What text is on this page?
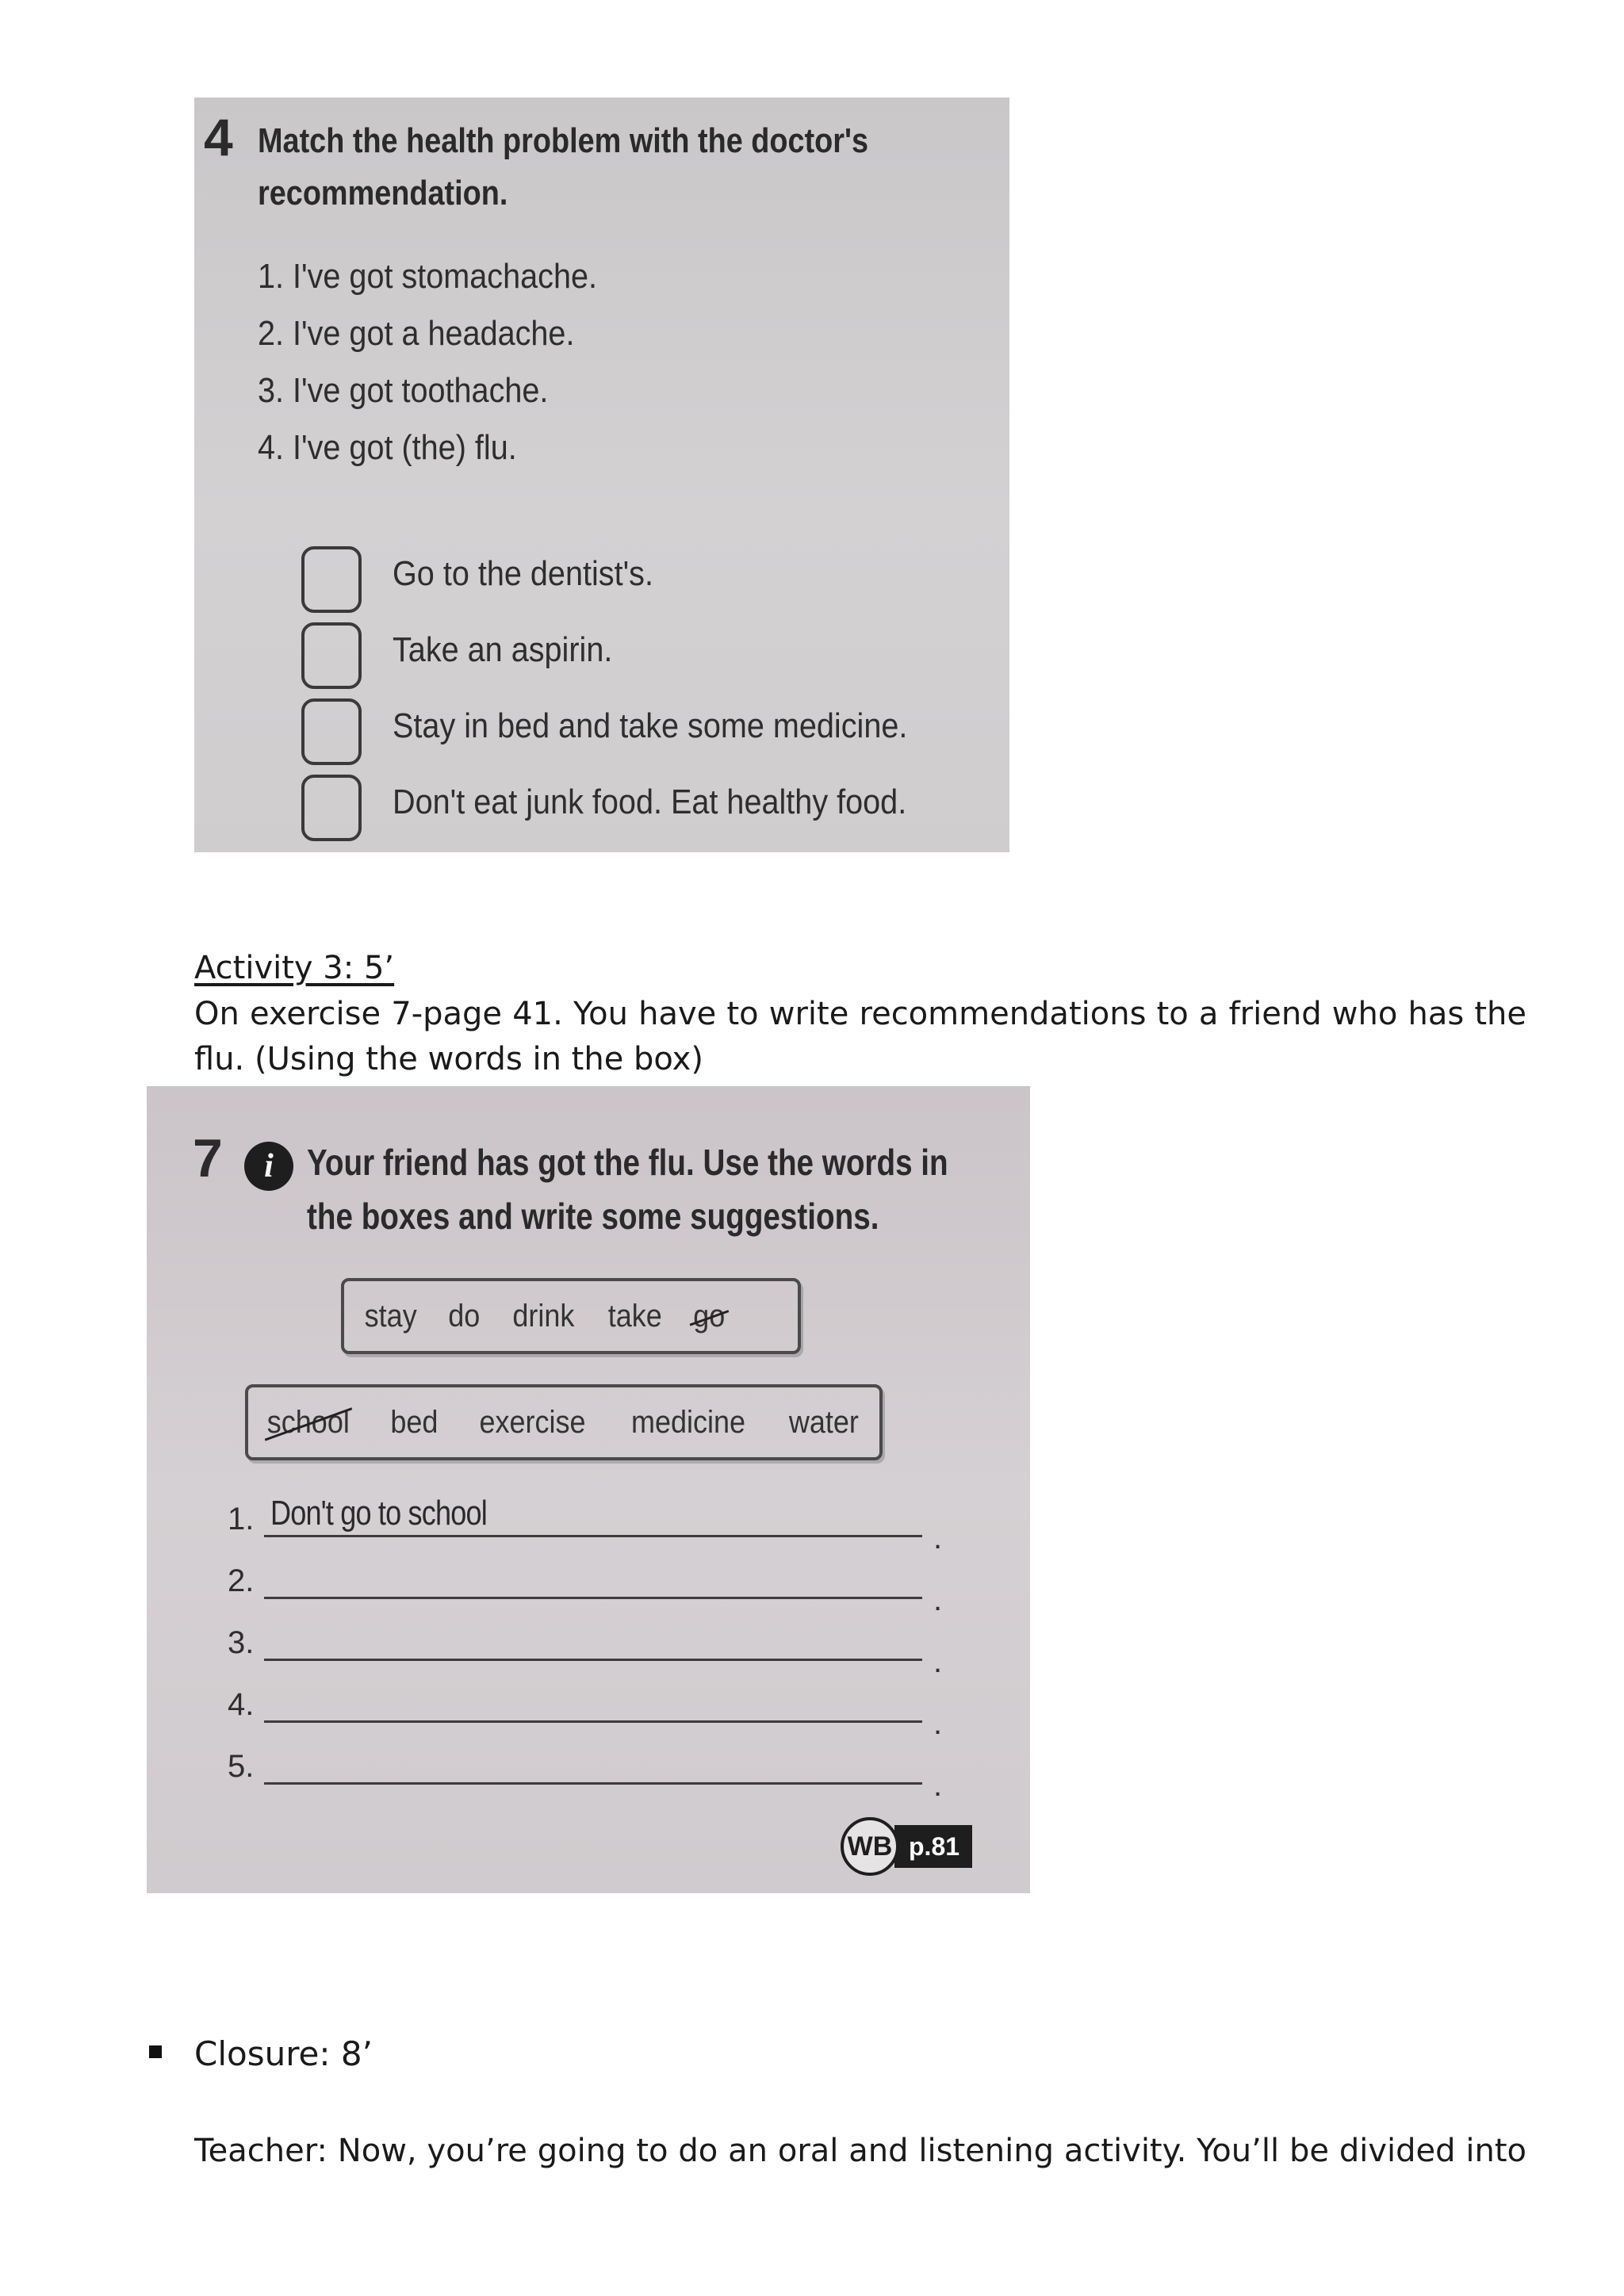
4 Match the health problem with the doctor's
recommendation.
1. I've got stomachache.
2. I've got a headache.
3. I've got toothache.
4. I've got (the) flu.
Go to the dentist's.
Take an aspirin.
Stay in bed and take some medicine.
Don't eat junk food. Eat healthy food.
Activity 3: 5’
On exercise 7-page 41. You have to write recommendations to a friend who has the
flu. (Using the words in the box)
7	i Your friend has got the flu. Use the words in
the boxes and write some suggestions.
stay do drink take go
school bed exercise medicine water
1. Don't go to school
.
2.
.
3.
.
4.
.
5.
.
WB p.81
Closure: 8’
Teacher: Now, you’re going to do an oral and listening activity. You’ll be divided into
